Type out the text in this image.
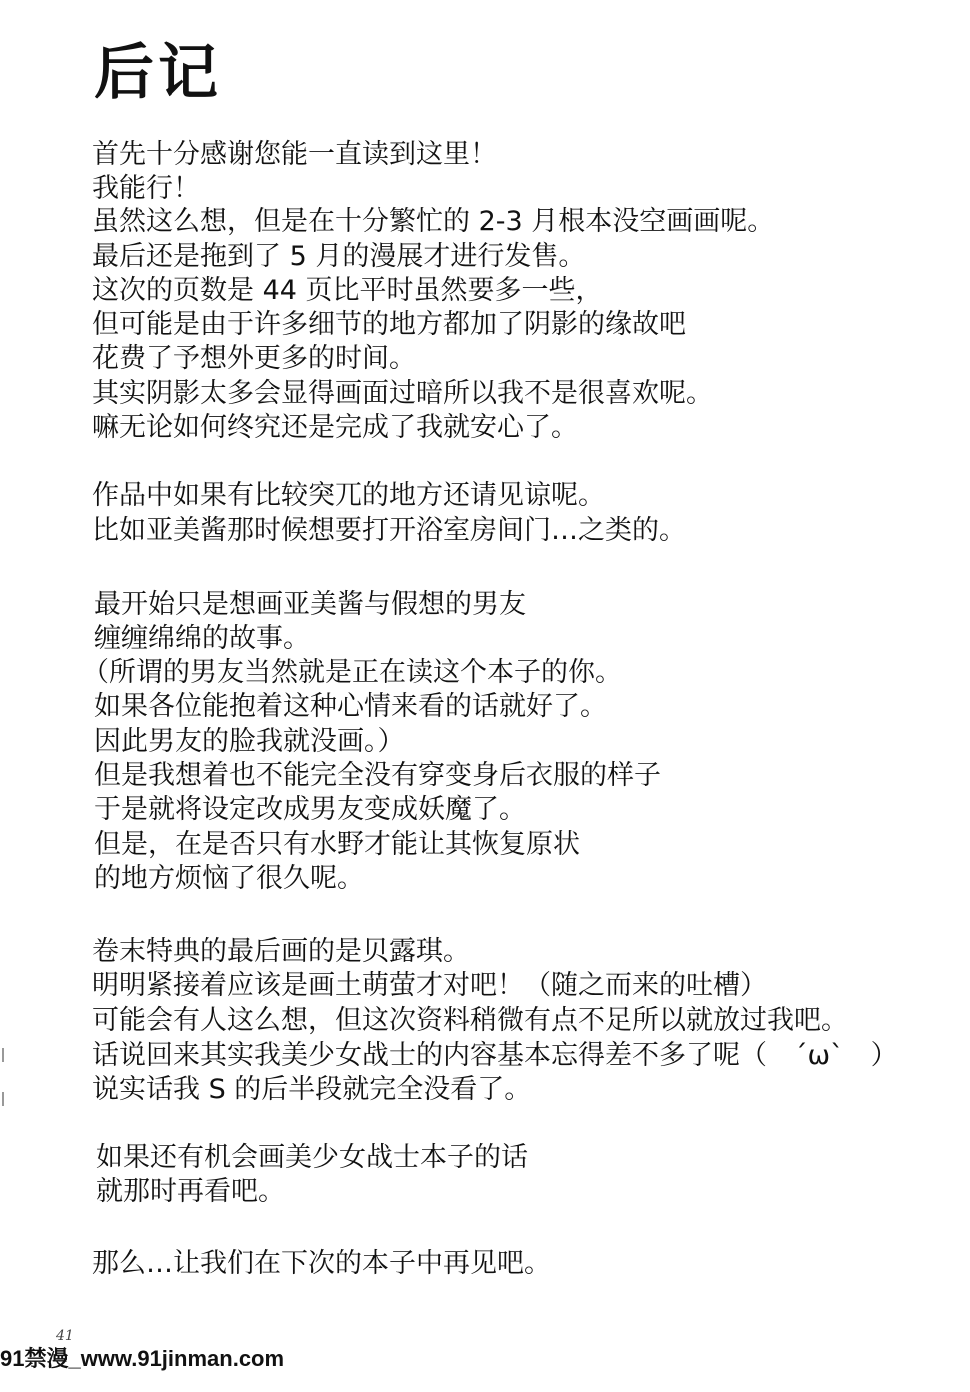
后记
首先十分感谢您能一直读到这里！
我能行！
虽然这么想，但是在十分繁忙的 2-3 月根本没空画画呢。
最后还是拖到了 5 月的漫展才进行发售。
这次的页数是 44 页比平时虽然要多一些，
但可能是由于许多细节的地方都加了阴影的缘故吧
花费了予想外更多的时间。
其实阴影太多会显得画面过暗所以我不是很喜欢呢。
嘛无论如何终究还是完成了我就安心了。
作品中如果有比较突兀的地方还请见谅呢。
比如亚美酱那时候想要打开浴室房间门…之类的。
最开始只是想画亚美酱与假想的男友
缠缠绵绵的故事。
（所谓的男友当然就是正在读这个本子的你。
如果各位能抱着这种心情来看的话就好了。
因此男友的脸我就没画。）
但是我想着也不能完全没有穿变身后衣服的样子
于是就将设定改成男友变成妖魔了。
但是，在是否只有水野才能让其恢复原状
的地方烦恼了很久呢。
卷末特典的最后画的是贝露琪。
明明紧接着应该是画土萌萤才对吧！（随之而来的吐槽）
可能会有人这么想，但这次资料稍微有点不足所以就放过我吧。
话说回来其实我美少女战士的内容基本忘得差不多了呢（　´ω`　）
说实话我 S 的后半段就完全没看了。
如果还有机会画美少女战士本子的话
就那时再看吧。
那么…让我们在下次的本子中再见吧。
41
91禁漫_www.91jinman.com
